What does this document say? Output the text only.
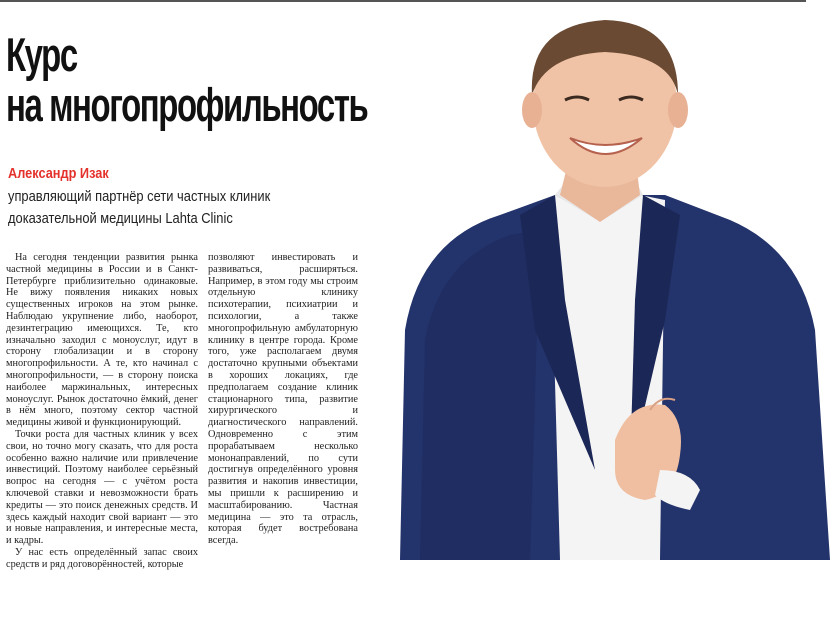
Курс
на многопрофильность
Александр Изак
управляющий партнёр сети частных клиник
доказательной медицины Lahta Clinic

На сегодня тенденции развития рынка частной медицины в России и в Санкт-Петербурге приблизительно одинаковые. Не вижу появления никаких новых существенных игроков на этом рынке. Наблюдаю укрупнение либо, наоборот, дезинтеграцию имеющихся. Те, кто изначально заходил с моноуслуг, идут в сторону глобализации и в сторону многопрофильности. А те, кто начинал с многопрофильности, — в сторону поиска наиболее маржинальных, интересных моноуслуг. Рынок достаточно ёмкий, денег в нём много, поэтому сектор частной медицины живой и функционирующий.

Точки роста для частных клиник у всех свои, но точно могу сказать, что для роста особенно важно наличие или привлечение инвестиций. Поэтому наиболее серьёзный вопрос на сегодня — с учётом роста ключевой ставки и невозможности брать кредиты — это поиск денежных средств. И здесь каждый находит свой вариант — это и новые направления, и интересные места, и кадры.

У нас есть определённый запас своих средств и ряд договорённостей, которые

позволяют инвестировать и развиваться, расширяться. Например, в этом году мы строим отдельную клинику психотерапии, психиатрии и психологии, а также многопрофильную амбулаторную клинику в центре города. Кроме того, уже располагаем двумя достаточно крупными объектами в хороших локациях, где предполагаем создание клиник стационарного типа, развитие хирургического и диагностического направлений. Одновременно с этим прорабатываем несколько мононаправлений, по сути достигнув определённого уровня развития и накопив инвестиции, мы пришли к расширению и масштабированию. Частная медицина — это та отрасль, которая будет востребована всегда.
